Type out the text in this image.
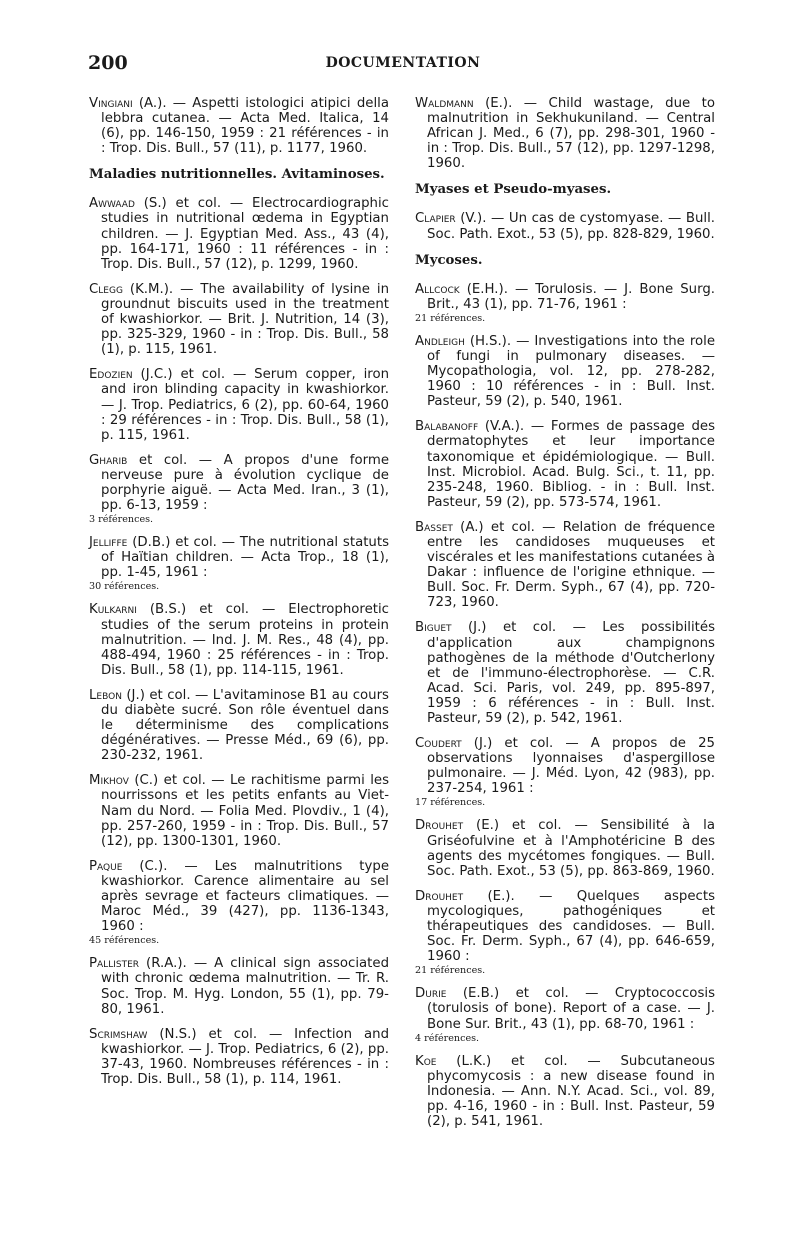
200	DOCUMENTATION
Vingiani (A.). — Aspetti istologici atipici della lebbra cutanea. — Acta Med. Italica, 14 (6), pp. 146-150, 1959 : 21 références - in : Trop. Dis. Bull., 57 (11), p. 1177, 1960.
Maladies nutritionnelles. Avitaminoses.
Awwaad (S.) et col. — Electrocardiographic studies in nutritional œdema in Egyptian children. — J. Egyptian Med. Ass., 43 (4), pp. 164-171, 1960 : 11 références - in : Trop. Dis. Bull., 57 (12), p. 1299, 1960.
Clegg (K.M.). — The availability of lysine in groundnut biscuits used in the treatment of kwashiorkor. — Brit. J. Nutrition, 14 (3), pp. 325-329, 1960 - in : Trop. Dis. Bull., 58 (1), p. 115, 1961.
Edozien (J.C.) et col. — Serum copper, iron and iron blinding capacity in kwashiorkor. — J. Trop. Pediatrics, 6 (2), pp. 60-64, 1960 : 29 références - in : Trop. Dis. Bull., 58 (1), p. 115, 1961.
Gharib et col. — A propos d'une forme nerveuse pure à évolution cyclique de porphyrie aiguë. — Acta Med. Iran., 3 (1), pp. 6-13, 1959 :
3 références.
Jelliffe (D.B.) et col. — The nutritional statuts of Haïtian children. — Acta Trop., 18 (1), pp. 1-45, 1961 :
30 références.
Kulkarni (B.S.) et col. — Electrophoretic studies of the serum proteins in protein malnutrition. — Ind. J. M. Res., 48 (4), pp. 488-494, 1960 : 25 références - in : Trop. Dis. Bull., 58 (1), pp. 114-115, 1961.
Lebon (J.) et col. — L'avitaminose B1 au cours du diabète sucré. Son rôle éventuel dans le déterminisme des complications dégénératives. — Presse Méd., 69 (6), pp. 230-232, 1961.
Mikhov (C.) et col. — Le rachitisme parmi les nourrissons et les petits enfants au Viet-Nam du Nord. — Folia Med. Plovdiv., 1 (4), pp. 257-260, 1959 - in : Trop. Dis. Bull., 57 (12), pp. 1300-1301, 1960.
Paque (C.). — Les malnutritions type kwashiorkor. Carence alimentaire au sel après sevrage et facteurs climatiques. — Maroc Méd., 39 (427), pp. 1136-1343, 1960 :
45 références.
Pallister (R.A.). — A clinical sign associated with chronic œdema malnutrition. — Tr. R. Soc. Trop. M. Hyg. London, 55 (1), pp. 79-80, 1961.
Scrimshaw (N.S.) et col. — Infection and kwashiorkor. — J. Trop. Pediatrics, 6 (2), pp. 37-43, 1960. Nombreuses références - in : Trop. Dis. Bull., 58 (1), p. 114, 1961.
Waldmann (E.). — Child wastage, due to malnutrition in Sekhukuniland. — Central African J. Med., 6 (7), pp. 298-301, 1960 - in : Trop. Dis. Bull., 57 (12), pp. 1297-1298, 1960.
Myases et Pseudo-myases.
Clapier (V.). — Un cas de cystomyase. — Bull. Soc. Path. Exot., 53 (5), pp. 828-829, 1960.
Mycoses.
Allcock (E.H.). — Torulosis. — J. Bone Surg. Brit., 43 (1), pp. 71-76, 1961 :
21 références.
Andleigh (H.S.). — Investigations into the role of fungi in pulmonary diseases. — Mycopathologia, vol. 12, pp. 278-282, 1960 : 10 références - in : Bull. Inst. Pasteur, 59 (2), p. 540, 1961.
Balabanoff (V.A.). — Formes de passage des dermatophytes et leur importance taxonomique et épidémiologique. — Bull. Inst. Microbiol. Acad. Bulg. Sci., t. 11, pp. 235-248, 1960. Bibliog. - in : Bull. Inst. Pasteur, 59 (2), pp. 573-574, 1961.
Basset (A.) et col. — Relation de fréquence entre les candidoses muqueuses et viscérales et les manifestations cutanées à Dakar : influence de l'origine ethnique. — Bull. Soc. Fr. Derm. Syph., 67 (4), pp. 720-723, 1960.
Biguet (J.) et col. — Les possibilités d'application aux champignons pathogènes de la méthode d'Outcherlony et de l'immuno-électrophorèse. — C.R. Acad. Sci. Paris, vol. 249, pp. 895-897, 1959 : 6 références - in : Bull. Inst. Pasteur, 59 (2), p. 542, 1961.
Coudert (J.) et col. — A propos de 25 observations lyonnaises d'aspergillose pulmonaire. — J. Méd. Lyon, 42 (983), pp. 237-254, 1961 :
17 références.
Drouhet (E.) et col. — Sensibilité à la Griséofulvine et à l'Amphotéricine B des agents des mycétomes fongiques. — Bull. Soc. Path. Exot., 53 (5), pp. 863-869, 1960.
Drouhet (E.). — Quelques aspects mycologiques, pathogéniques et thérapeutiques des candidoses. — Bull. Soc. Fr. Derm. Syph., 67 (4), pp. 646-659, 1960 :
21 références.
Durie (E.B.) et col. — Cryptococcosis (torulosis of bone). Report of a case. — J. Bone Sur. Brit., 43 (1), pp. 68-70, 1961 :
4 références.
Koe (L.K.) et col. — Subcutaneous phycomycosis : a new disease found in Indonesia. — Ann. N.Y. Acad. Sci., vol. 89, pp. 4-16, 1960 - in : Bull. Inst. Pasteur, 59 (2), p. 541, 1961.
